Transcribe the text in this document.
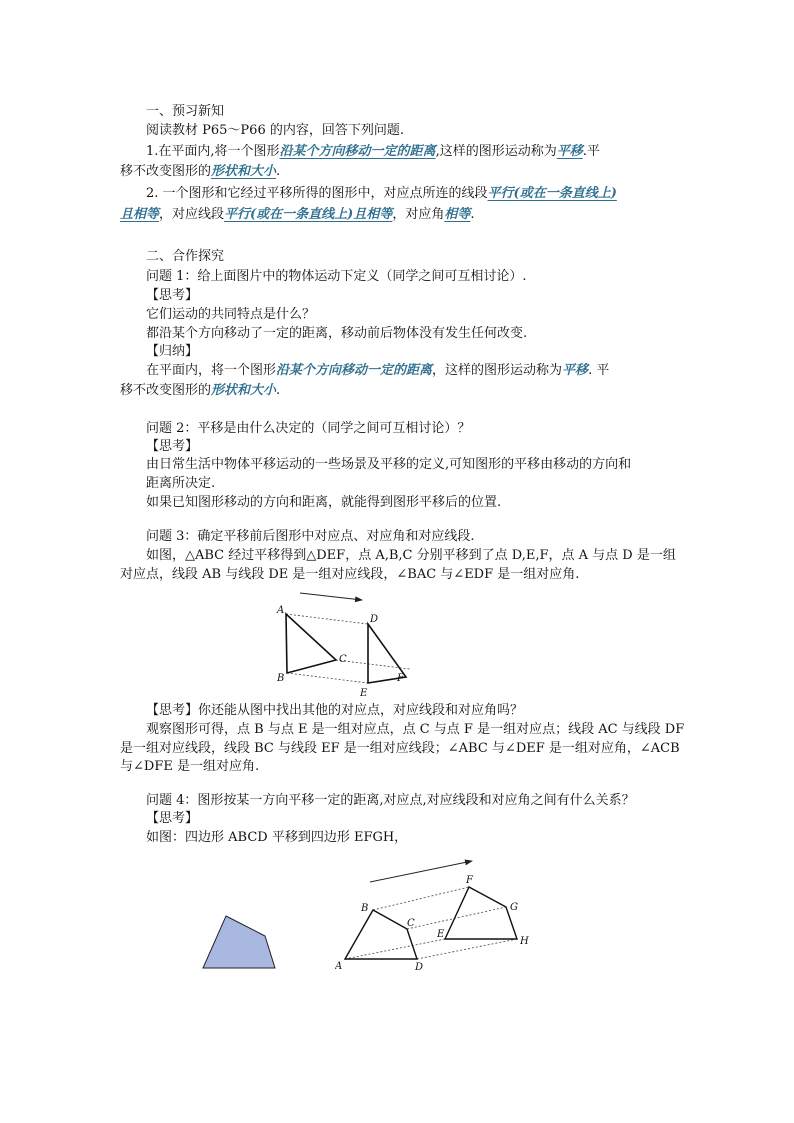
一、预习新知
阅读教材 P65～P66 的内容，回答下列问题.
1.在平面内,将一个图形沿某个方向移动一定的距离,这样的图形运动称为平移.平
移不改变图形的形状和大小.
2. 一个图形和它经过平移所得的图形中，对应点所连的线段平行(或在一条直线上)
且相等，对应线段平行(或在一条直线上)且相等，对应角相等.
二、合作探究
问题 1：给上面图片中的物体运动下定义（同学之间可互相讨论）.
【思考】
它们运动的共同特点是什么？
都沿某个方向移动了一定的距离，移动前后物体没有发生任何改变.
【归纳】
在平面内，将一个图形沿某个方向移动一定的距离，这样的图形运动称为平移. 平
移不改变图形的形状和大小.
问题 2：平移是由什么决定的（同学之间可互相讨论）？
【思考】
由日常生活中物体平移运动的一些场景及平移的定义,可知图形的平移由移动的方向和
距离所决定.
如果已知图形移动的方向和距离，就能得到图形平移后的位置.
问题 3：确定平移前后图形中对应点、对应角和对应线段.
如图，△ABC 经过平移得到△DEF，点 A,B,C 分别平移到了点 D,E,F，点 A 与点 D 是一组
对应点，线段 AB 与线段 DE 是一组对应线段，∠BAC 与∠EDF 是一组对应角.
A
B
C
D
E
F
【思考】你还能从图中找出其他的对应点，对应线段和对应角吗？
观察图形可得，点 B 与点 E 是一组对应点，点 C 与点 F 是一组对应点；线段 AC 与线段 DF
是一组对应线段，线段 BC 与线段 EF 是一组对应线段；∠ABC 与∠DEF 是一组对应角，∠ACB
与∠DFE 是一组对应角.
问题 4：图形按某一方向平移一定的距离,对应点,对应线段和对应角之间有什么关系？
【思考】
如图：四边形 ABCD 平移到四边形 EFGH，
A
B
C
D
E
F
G
H
